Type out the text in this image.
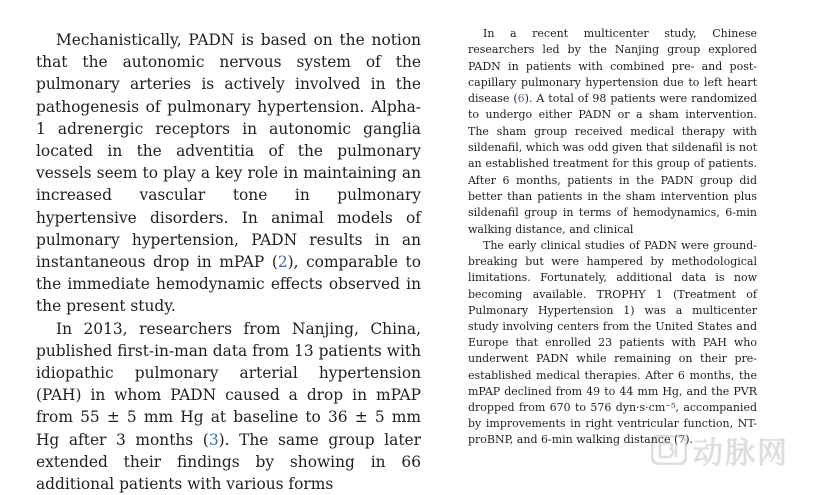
Mechanistically, PADN is based on the notion that the autonomic nervous system of the pulmonary arteries is actively involved in the pathogenesis of pulmonary hypertension. Alpha-1 adrenergic receptors in autonomic ganglia located in the adventitia of the pulmonary vessels seem to play a key role in maintaining an increased vascular tone in pulmonary hypertensive disorders. In animal models of pulmonary hypertension, PADN results in an instantaneous drop in mPAP (2), comparable to the immediate hemodynamic effects observed in the present study.

In 2013, researchers from Nanjing, China, published first-in-man data from 13 patients with idiopathic pulmonary arterial hypertension (PAH) in whom PADN caused a drop in mPAP from 55 ± 5 mm Hg at baseline to 36 ± 5 mm Hg after 3 months (3). The same group later extended their findings by showing in 66 additional patients with various forms

In a recent multicenter study, Chinese researchers led by the Nanjing group explored PADN in patients with combined pre- and post-capillary pulmonary hypertension due to left heart disease (6). A total of 98 patients were randomized to undergo either PADN or a sham intervention. The sham group received medical therapy with sildenafil, which was odd given that sildenafil is not an established treatment for this group of patients. After 6 months, patients in the PADN group did better than patients in the sham intervention plus sildenafil group in terms of hemodynamics, 6-min walking distance, and clinical

The early clinical studies of PADN were groundbreaking but were hampered by methodological limitations. Fortunately, additional data is now becoming available. TROPHY 1 (Treatment of Pulmonary Hypertension 1) was a multicenter study involving centers from the United States and Europe that enrolled 23 patients with PAH who underwent PADN while remaining on their pre-established medical therapies. After 6 months, the mPAP declined from 49 to 44 mm Hg, and the PVR dropped from 670 to 576 dyn·s·cm⁻⁵, accompanied by improvements in right ventricular function, NT-proBNP, and 6-min walking distance (7). 动脉网
